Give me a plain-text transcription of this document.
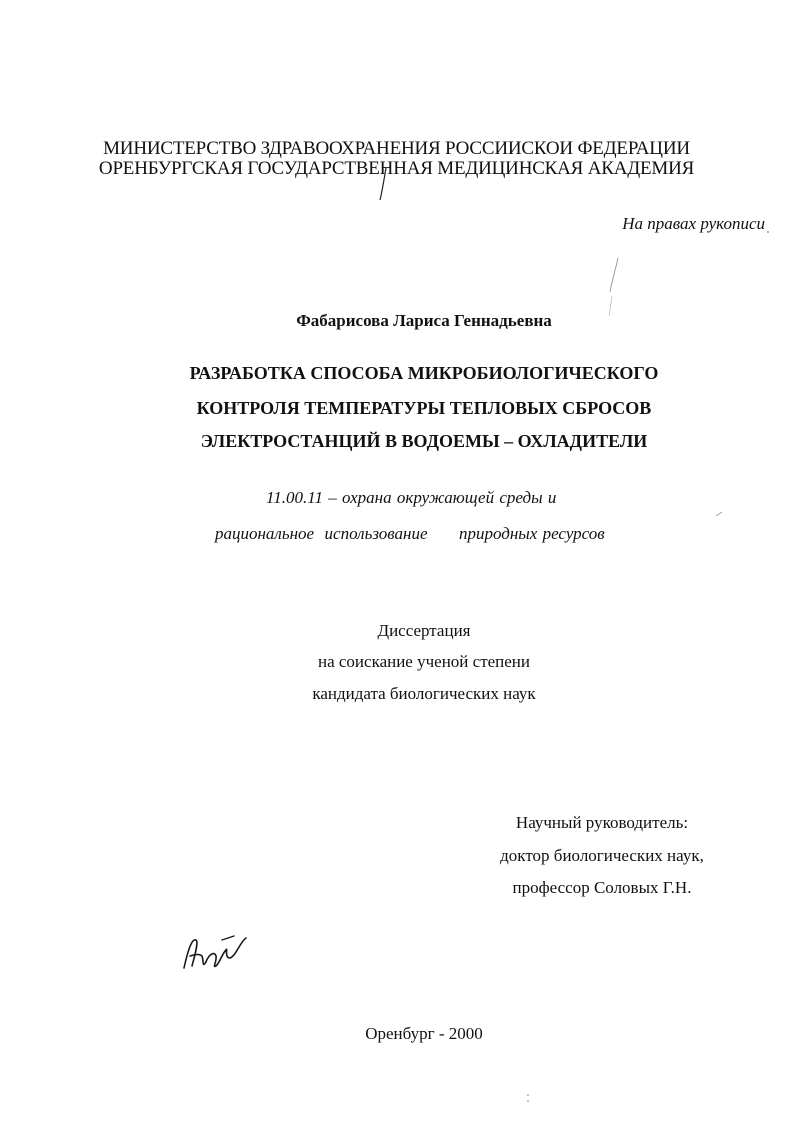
МИНИСТЕРСТВО ЗДРАВООХРАНЕНИЯ РОССИИСКОИ ФЕДЕРАЦИИ

ОРЕНБУРГСКАЯ ГОСУДАРСТВЕННАЯ МЕДИЦИНСКАЯ АКАДЕМИЯ

На правах рукописи

Фабарисова Лариса Геннадьевна

РАЗРАБОТКА СПОСОБА МИКРОБИОЛОГИЧЕСКОГО

КОНТРОЛЯ ТЕМПЕРАТУРЫ ТЕПЛОВЫХ СБРОСОВ

ЭЛЕКТРОСТАНЦИЙ В ВОДОЕМЫ – ОХЛАДИТЕЛИ

11.00.11 – охрана окружающей среды и

рациональное  использование      природных ресурсов

Диссертация

на соискание ученой степени

кандидата биологических наук

Научный руководитель:

доктор биологических наук,

профессор Соловых Г.Н.

Оренбург - 2000
